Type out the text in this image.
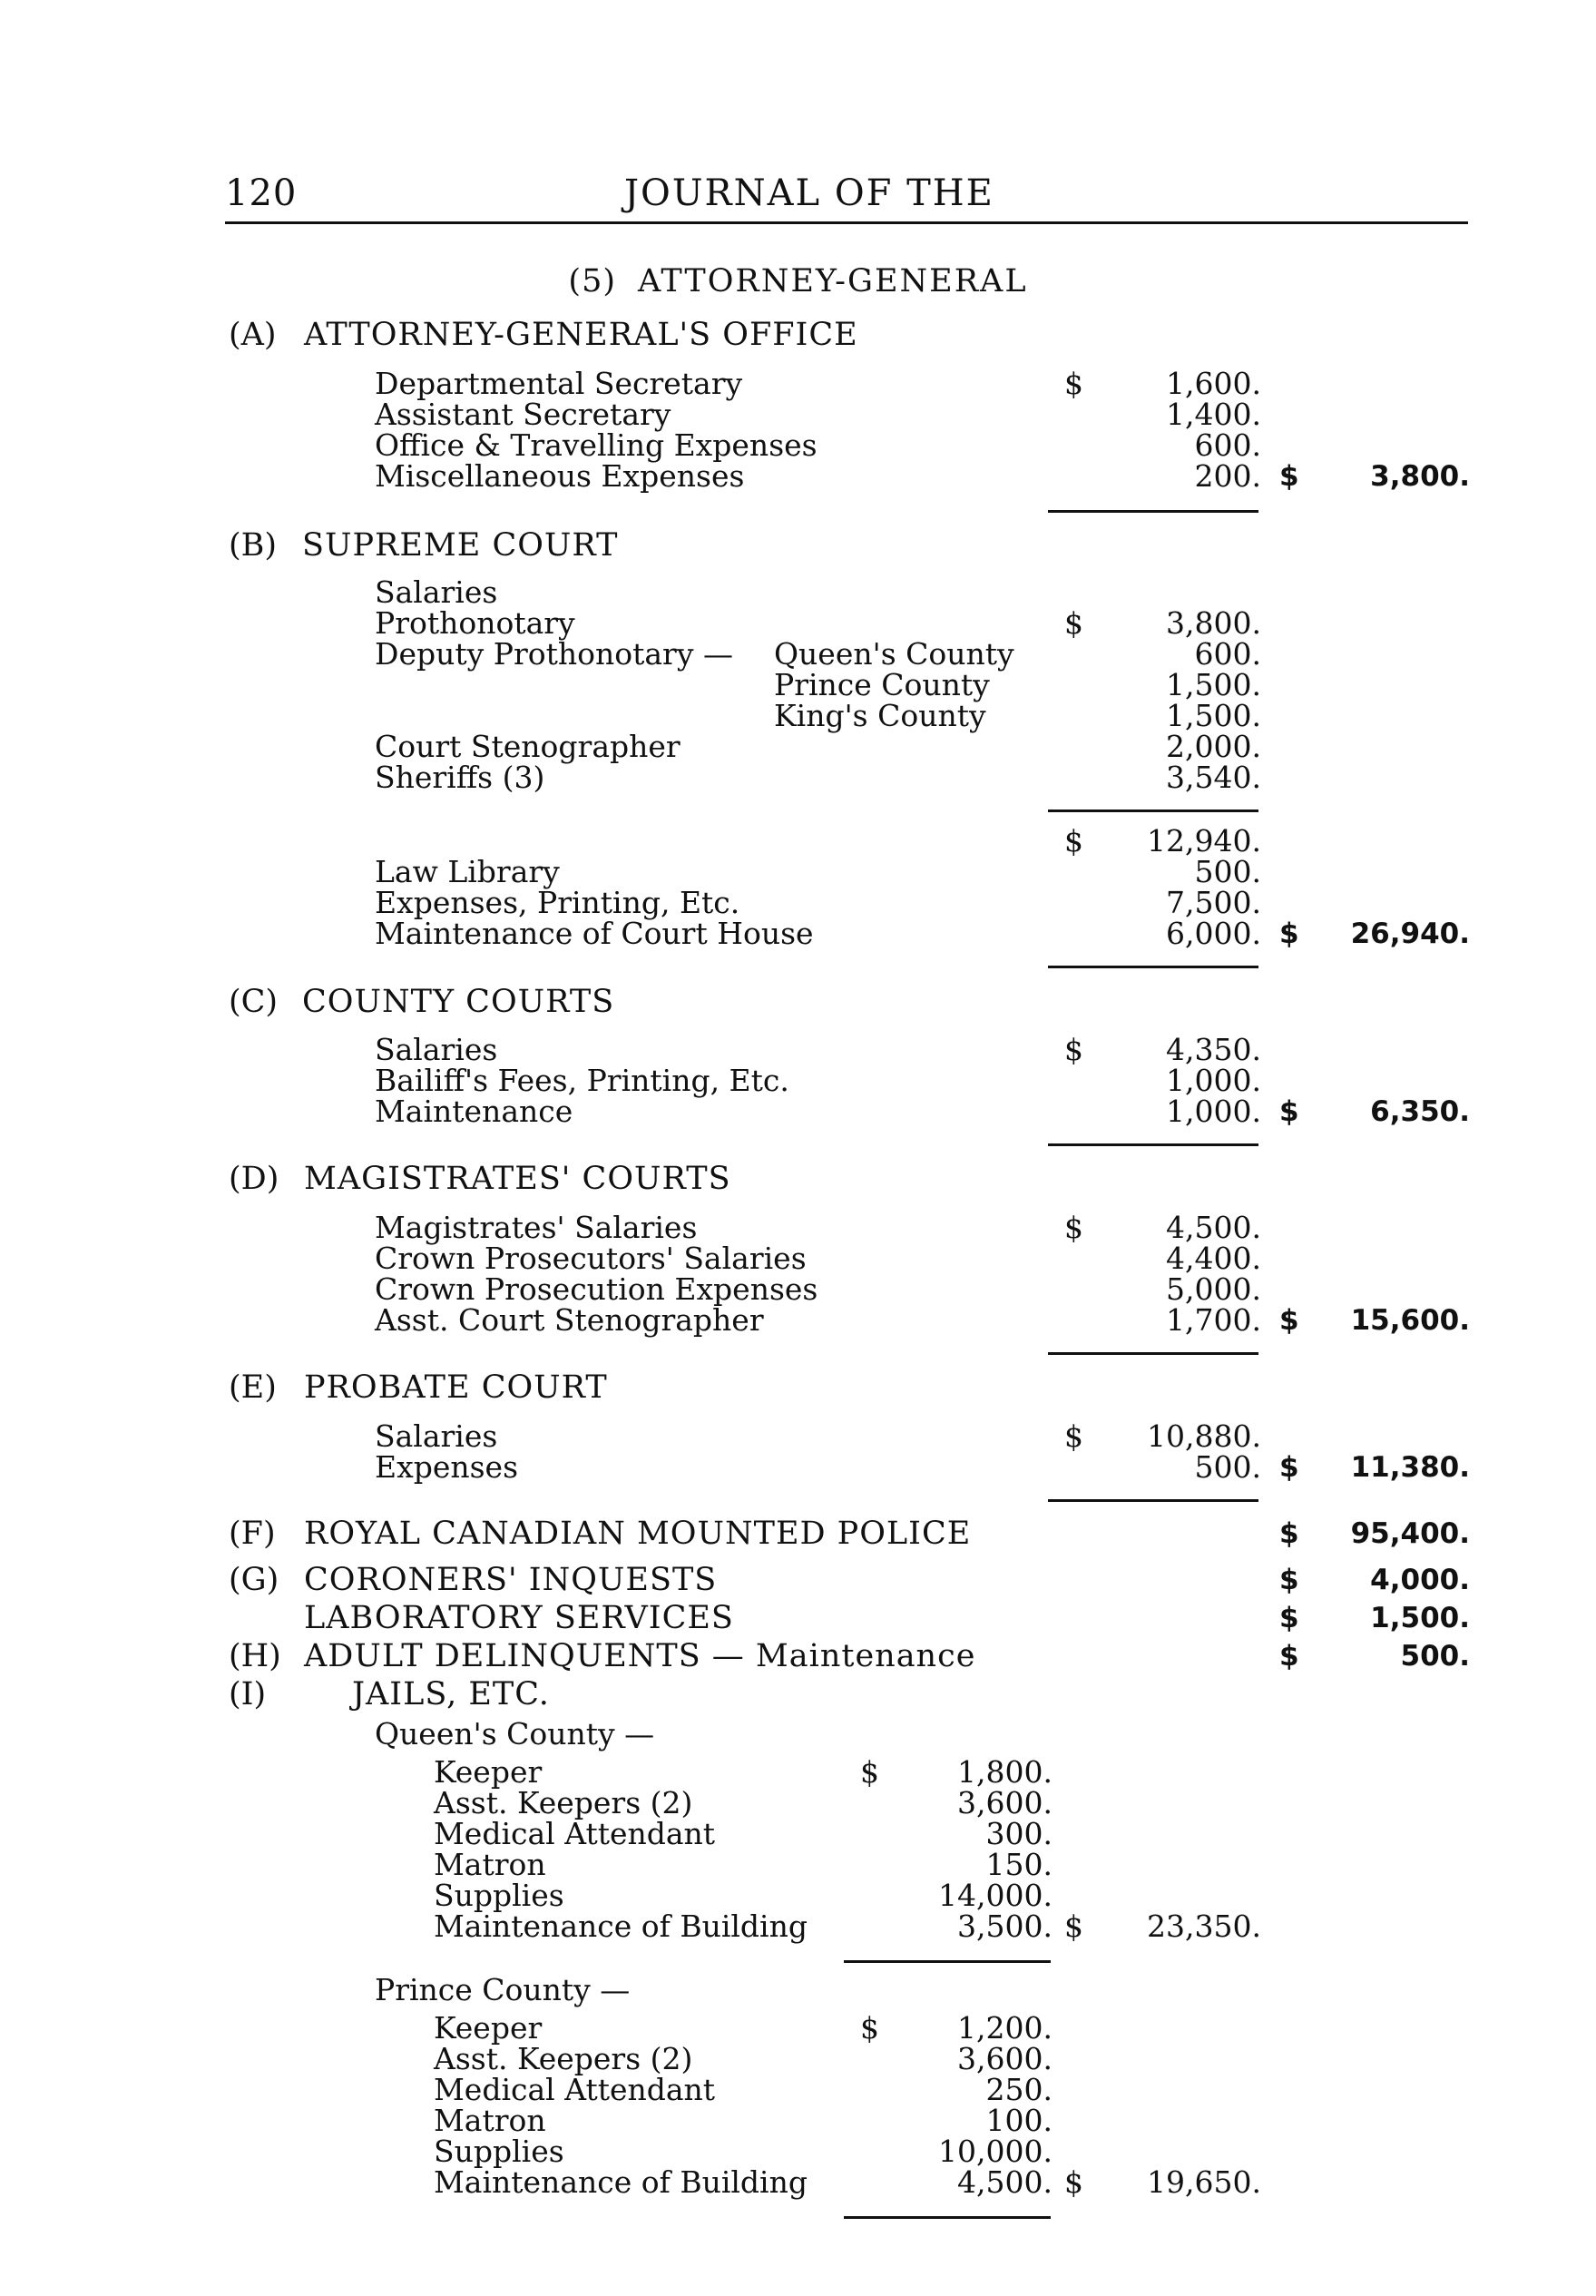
120	JOURNAL OF THE
(5) ATTORNEY-GENERAL
(A) ATTORNEY-GENERAL'S OFFICE
Departmental Secretary	$	1,600.
Assistant Secretary	1,400.
Office & Travelling Expenses	600.
Miscellaneous Expenses	200. $	3,800.
(B) SUPREME COURT
Salaries
Prothonotary	$	3,800.
Deputy Prothonotary — Queen's County	600.
Prince County	1,500.
King's County	1,500.
Court Stenographer	2,000.
Sheriffs (3)	3,540.
$	12,940.
Law Library	500.
Expenses, Printing, Etc.	7,500.
Maintenance of Court House	6,000. $	26,940.
(C) COUNTY COURTS
Salaries	$	4,350.
Bailiff's Fees, Printing, Etc.	1,000.
Maintenance	1,000. $	6,350.
(D) MAGISTRATES' COURTS
Magistrates' Salaries	$	4,500.
Crown Prosecutors' Salaries	4,400.
Crown Prosecution Expenses	5,000.
Asst. Court Stenographer	1,700. $	15,600.
(E) PROBATE COURT
Salaries	$	10,880.
Expenses	500. $	11,380.
(F) ROYAL CANADIAN MOUNTED POLICE	$	95,400.
(G) CORONERS' INQUESTS	$	4,000.
LABORATORY SERVICES	$	1,500.
(H) ADULT DELINQUENTS — Maintenance	$	500.
(I)	JAILS, ETC.
Queen's County —
Keeper	$	1,800.
Asst. Keepers (2)	3,600.
Medical Attendant	300.
Matron	150.
Supplies	14,000.
Maintenance of Building	3,500. $	23,350.
Prince County —
Keeper	$	1,200.
Asst. Keepers (2)	3,600.
Medical Attendant	250.
Matron	100.
Supplies	10,000.
Maintenance of Building	4,500. $	19,650.
